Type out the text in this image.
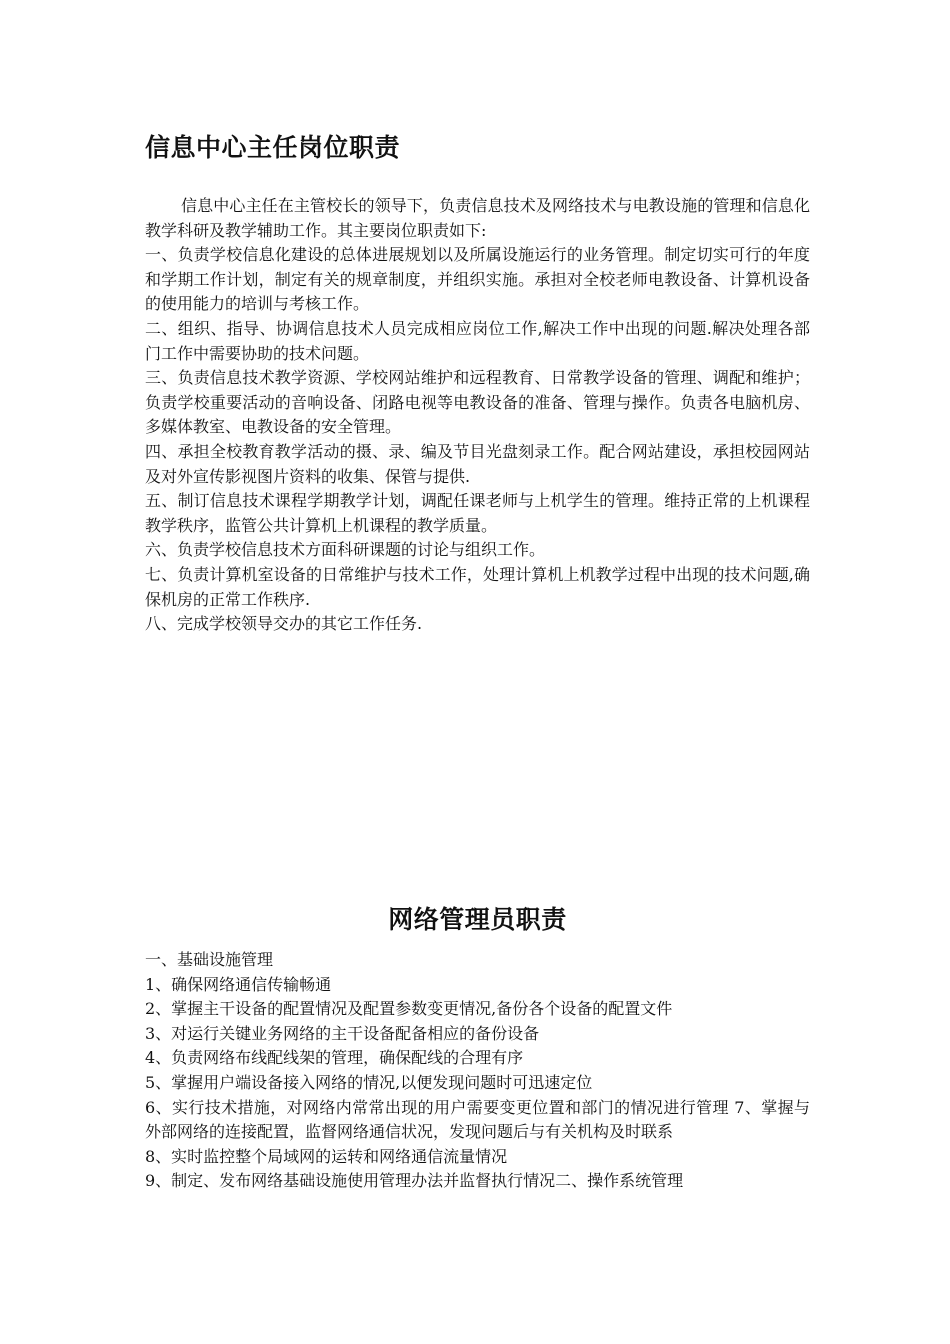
信息中心主任岗位职责

信息中心主任在主管校长的领导下，负责信息技术及网络技术与电教设施的管理和信息化教学科研及教学辅助工作。其主要岗位职责如下:

一、负责学校信息化建设的总体进展规划以及所属设施运行的业务管理。制定切实可行的年度和学期工作计划，制定有关的规章制度，并组织实施。承担对全校老师电教设备、计算机设备的使用能力的培训与考核工作。

二、组织、指导、协调信息技术人员完成相应岗位工作,解决工作中出现的问题.解决处理各部门工作中需要协助的技术问题。

三、负责信息技术教学资源、学校网站维护和远程教育、日常教学设备的管理、调配和维护；负责学校重要活动的音响设备、闭路电视等电教设备的准备、管理与操作。负责各电脑机房、多媒体教室、电教设备的安全管理。

四、承担全校教育教学活动的摄、录、编及节目光盘刻录工作。配合网站建设，承担校园网站及对外宣传影视图片资料的收集、保管与提供.

五、制订信息技术课程学期教学计划，调配任课老师与上机学生的管理。维持正常的上机课程教学秩序，监管公共计算机上机课程的教学质量。

六、负责学校信息技术方面科研课题的讨论与组织工作。

七、负责计算机室设备的日常维护与技术工作，处理计算机上机教学过程中出现的技术问题,确保机房的正常工作秩序.

八、完成学校领导交办的其它工作任务.

网络管理员职责

一、基础设施管理

1、确保网络通信传输畅通

2、掌握主干设备的配置情况及配置参数变更情况,备份各个设备的配置文件

3、对运行关键业务网络的主干设备配备相应的备份设备

4、负责网络布线配线架的管理，确保配线的合理有序

5、掌握用户端设备接入网络的情况,以便发现问题时可迅速定位

6、实行技术措施，对网络内常常出现的用户需要变更位置和部门的情况进行管理 7、掌握与外部网络的连接配置，监督网络通信状况，发现问题后与有关机构及时联系

8、实时监控整个局域网的运转和网络通信流量情况

9、制定、发布网络基础设施使用管理办法并监督执行情况二、操作系统管理
